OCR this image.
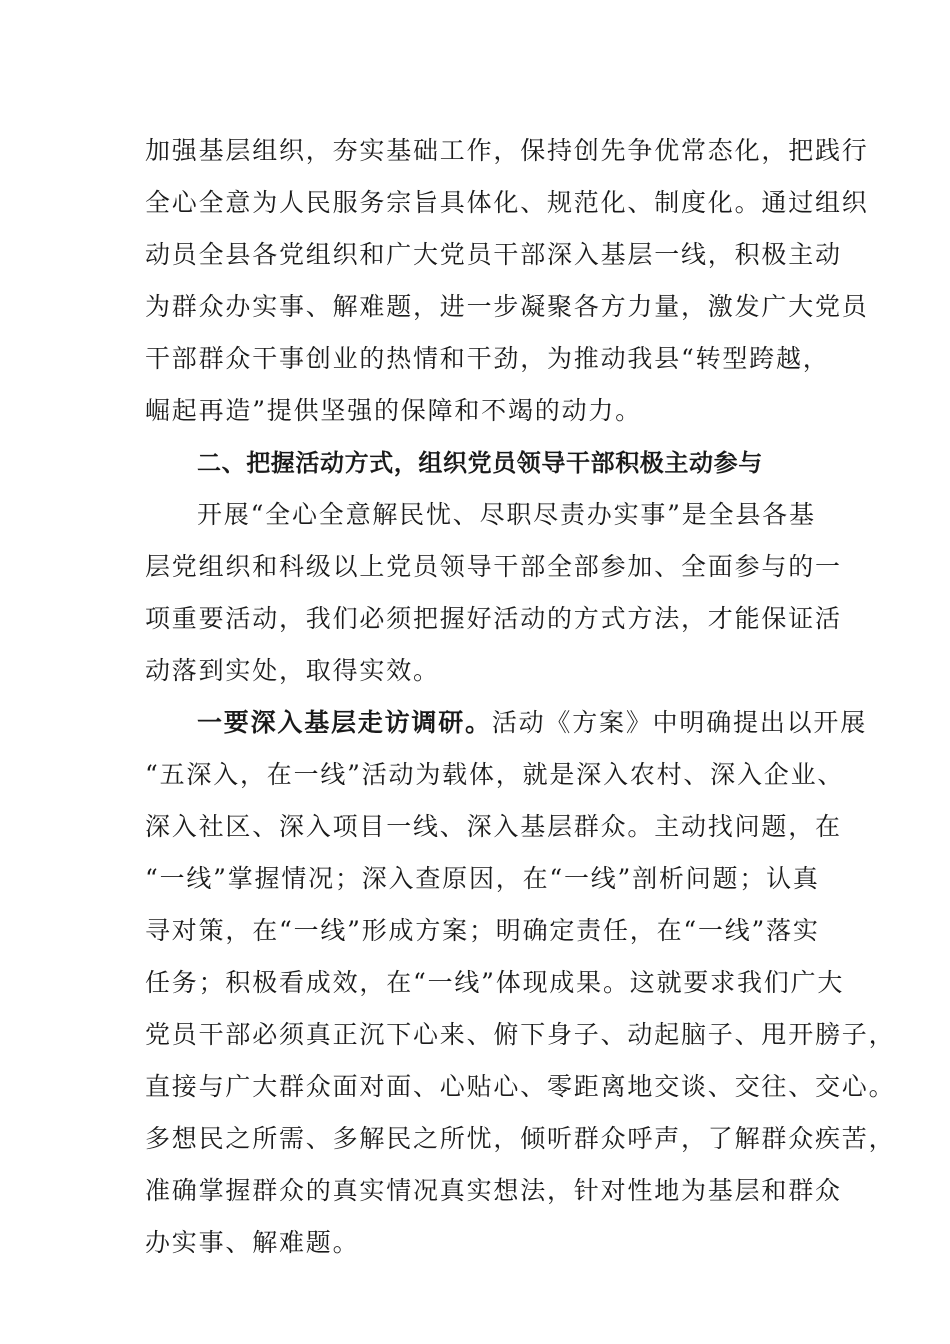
加强基层组织，夯实基础工作，保持创先争优常态化，把践行
全心全意为人民服务宗旨具体化、规范化、制度化。通过组织
动员全县各党组织和广大党员干部深入基层一线，积极主动
为群众办实事、解难题，进一步凝聚各方力量，激发广大党员
干部群众干事创业的热情和干劲，为推动我县“转型跨越，
崛起再造”提供坚强的保障和不竭的动力。
二、把握活动方式，组织党员领导干部积极主动参与
开展“全心全意解民忧、尽职尽责办实事”是全县各基
层党组织和科级以上党员领导干部全部参加、全面参与的一
项重要活动，我们必须把握好活动的方式方法，才能保证活
动落到实处，取得实效。
一要深入基层走访调研。活动《方案》中明确提出以开展
“五深入，在一线”活动为载体，就是深入农村、深入企业、
深入社区、深入项目一线、深入基层群众。主动找问题，在
“一线”掌握情况；深入查原因，在“一线”剖析问题；认真
寻对策，在“一线”形成方案；明确定责任，在“一线”落实
任务；积极看成效，在“一线”体现成果。这就要求我们广大
党员干部必须真正沉下心来、俯下身子、动起脑子、甩开膀子，
直接与广大群众面对面、心贴心、零距离地交谈、交往、交心。
多想民之所需、多解民之所忧，倾听群众呼声，了解群众疾苦，
准确掌握群众的真实情况真实想法，针对性地为基层和群众
办实事、解难题。
